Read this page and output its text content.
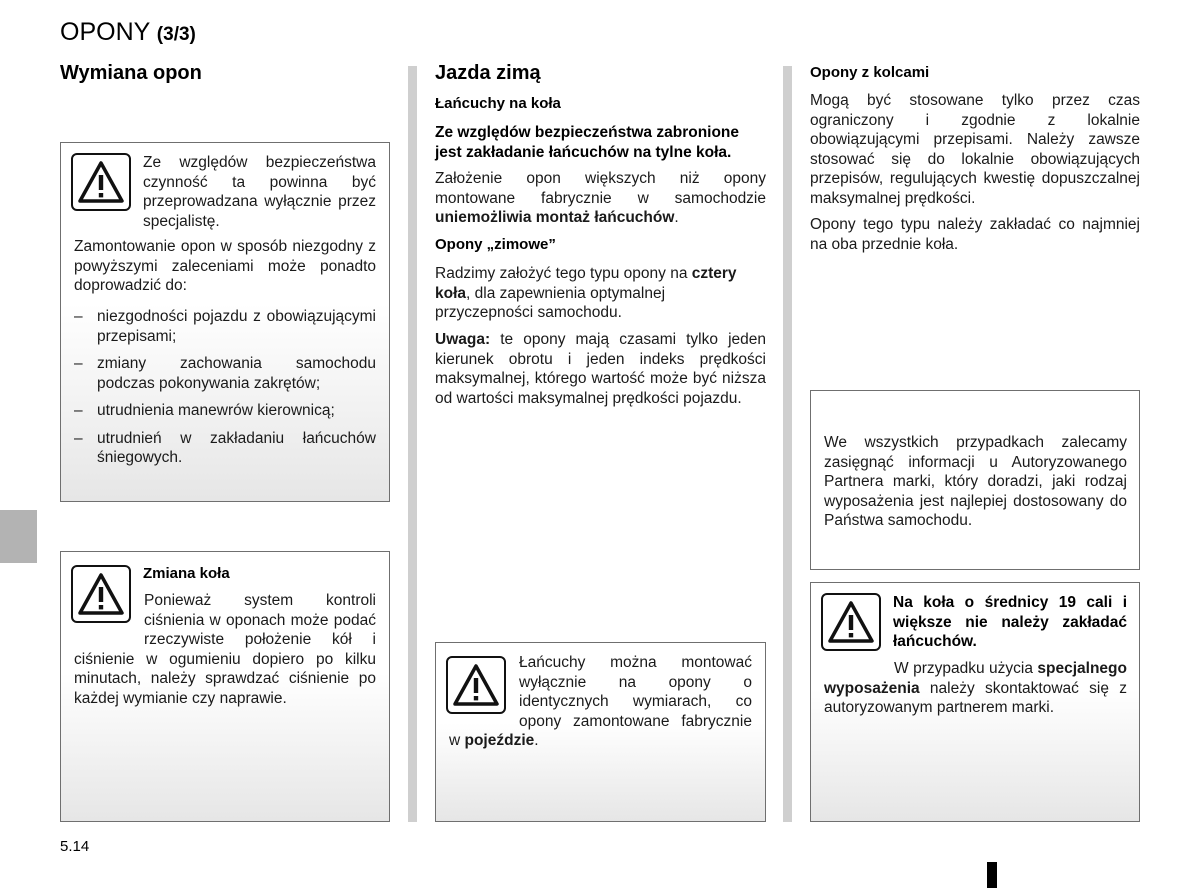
OPONY (3/3)
Wymiana opon
Ze względów bezpieczeństwa czynność ta powinna być przeprowadzana wyłącznie przez specjalistę.
Zamontowanie opon w sposób niezgodny z powyższymi zaleceniami może ponadto doprowadzić do:
– niezgodności pojazdu z obowiązującymi przepisami;
– zmiany zachowania samochodu podczas pokonywania zakrętów;
– utrudnienia manewrów kierownicą;
– utrudnień w zakładaniu łańcuchów śniegowych.
Zmiana koła
Ponieważ system kontroli ciśnienia w oponach może podać rzeczywiste położenie kół i ciśnienie w ogumieniu dopiero po kilku minutach, należy sprawdzać ciśnienie po każdej wymianie czy naprawie.
Jazda zimą
Łańcuchy na koła
Ze względów bezpieczeństwa zabronione jest zakładanie łańcuchów na tylne koła.
Założenie opon większych niż opony montowane fabrycznie w samochodzie uniemożliwia montaż łańcuchów.
Opony „zimowe”
Radzimy założyć tego typu opony na cztery koła, dla zapewnienia optymalnej przyczepności samochodu.
Uwaga: te opony mają czasami tylko jeden kierunek obrotu i jeden indeks prędkości maksymalnej, którego wartość może być niższa od wartości maksymalnej prędkości pojazdu.
Łańcuchy można montować wyłącznie na opony o identycznych wymiarach, co opony zamontowane fabrycznie w pojeździe.
Opony z kolcami
Mogą być stosowane tylko przez czas ograniczony i zgodnie z lokalnie obowiązującymi przepisami. Należy zawsze stosować się do lokalnie obowiązujących przepisów, regulujących kwestię dopuszczalnej maksymalnej prędkości.
Opony tego typu należy zakładać co najmniej na oba przednie koła.
We wszystkich przypadkach zalecamy zasięgnąć informacji u Autoryzowanego Partnera marki, który doradzi, jaki rodzaj wyposażenia jest najlepiej dostosowany do Państwa samochodu.
Na koła o średnicy 19 cali i większe nie należy zakładać łańcuchów.
W przypadku użycia specjalnego wyposażenia należy skontaktować się z autoryzowanym partnerem marki.
5.14
